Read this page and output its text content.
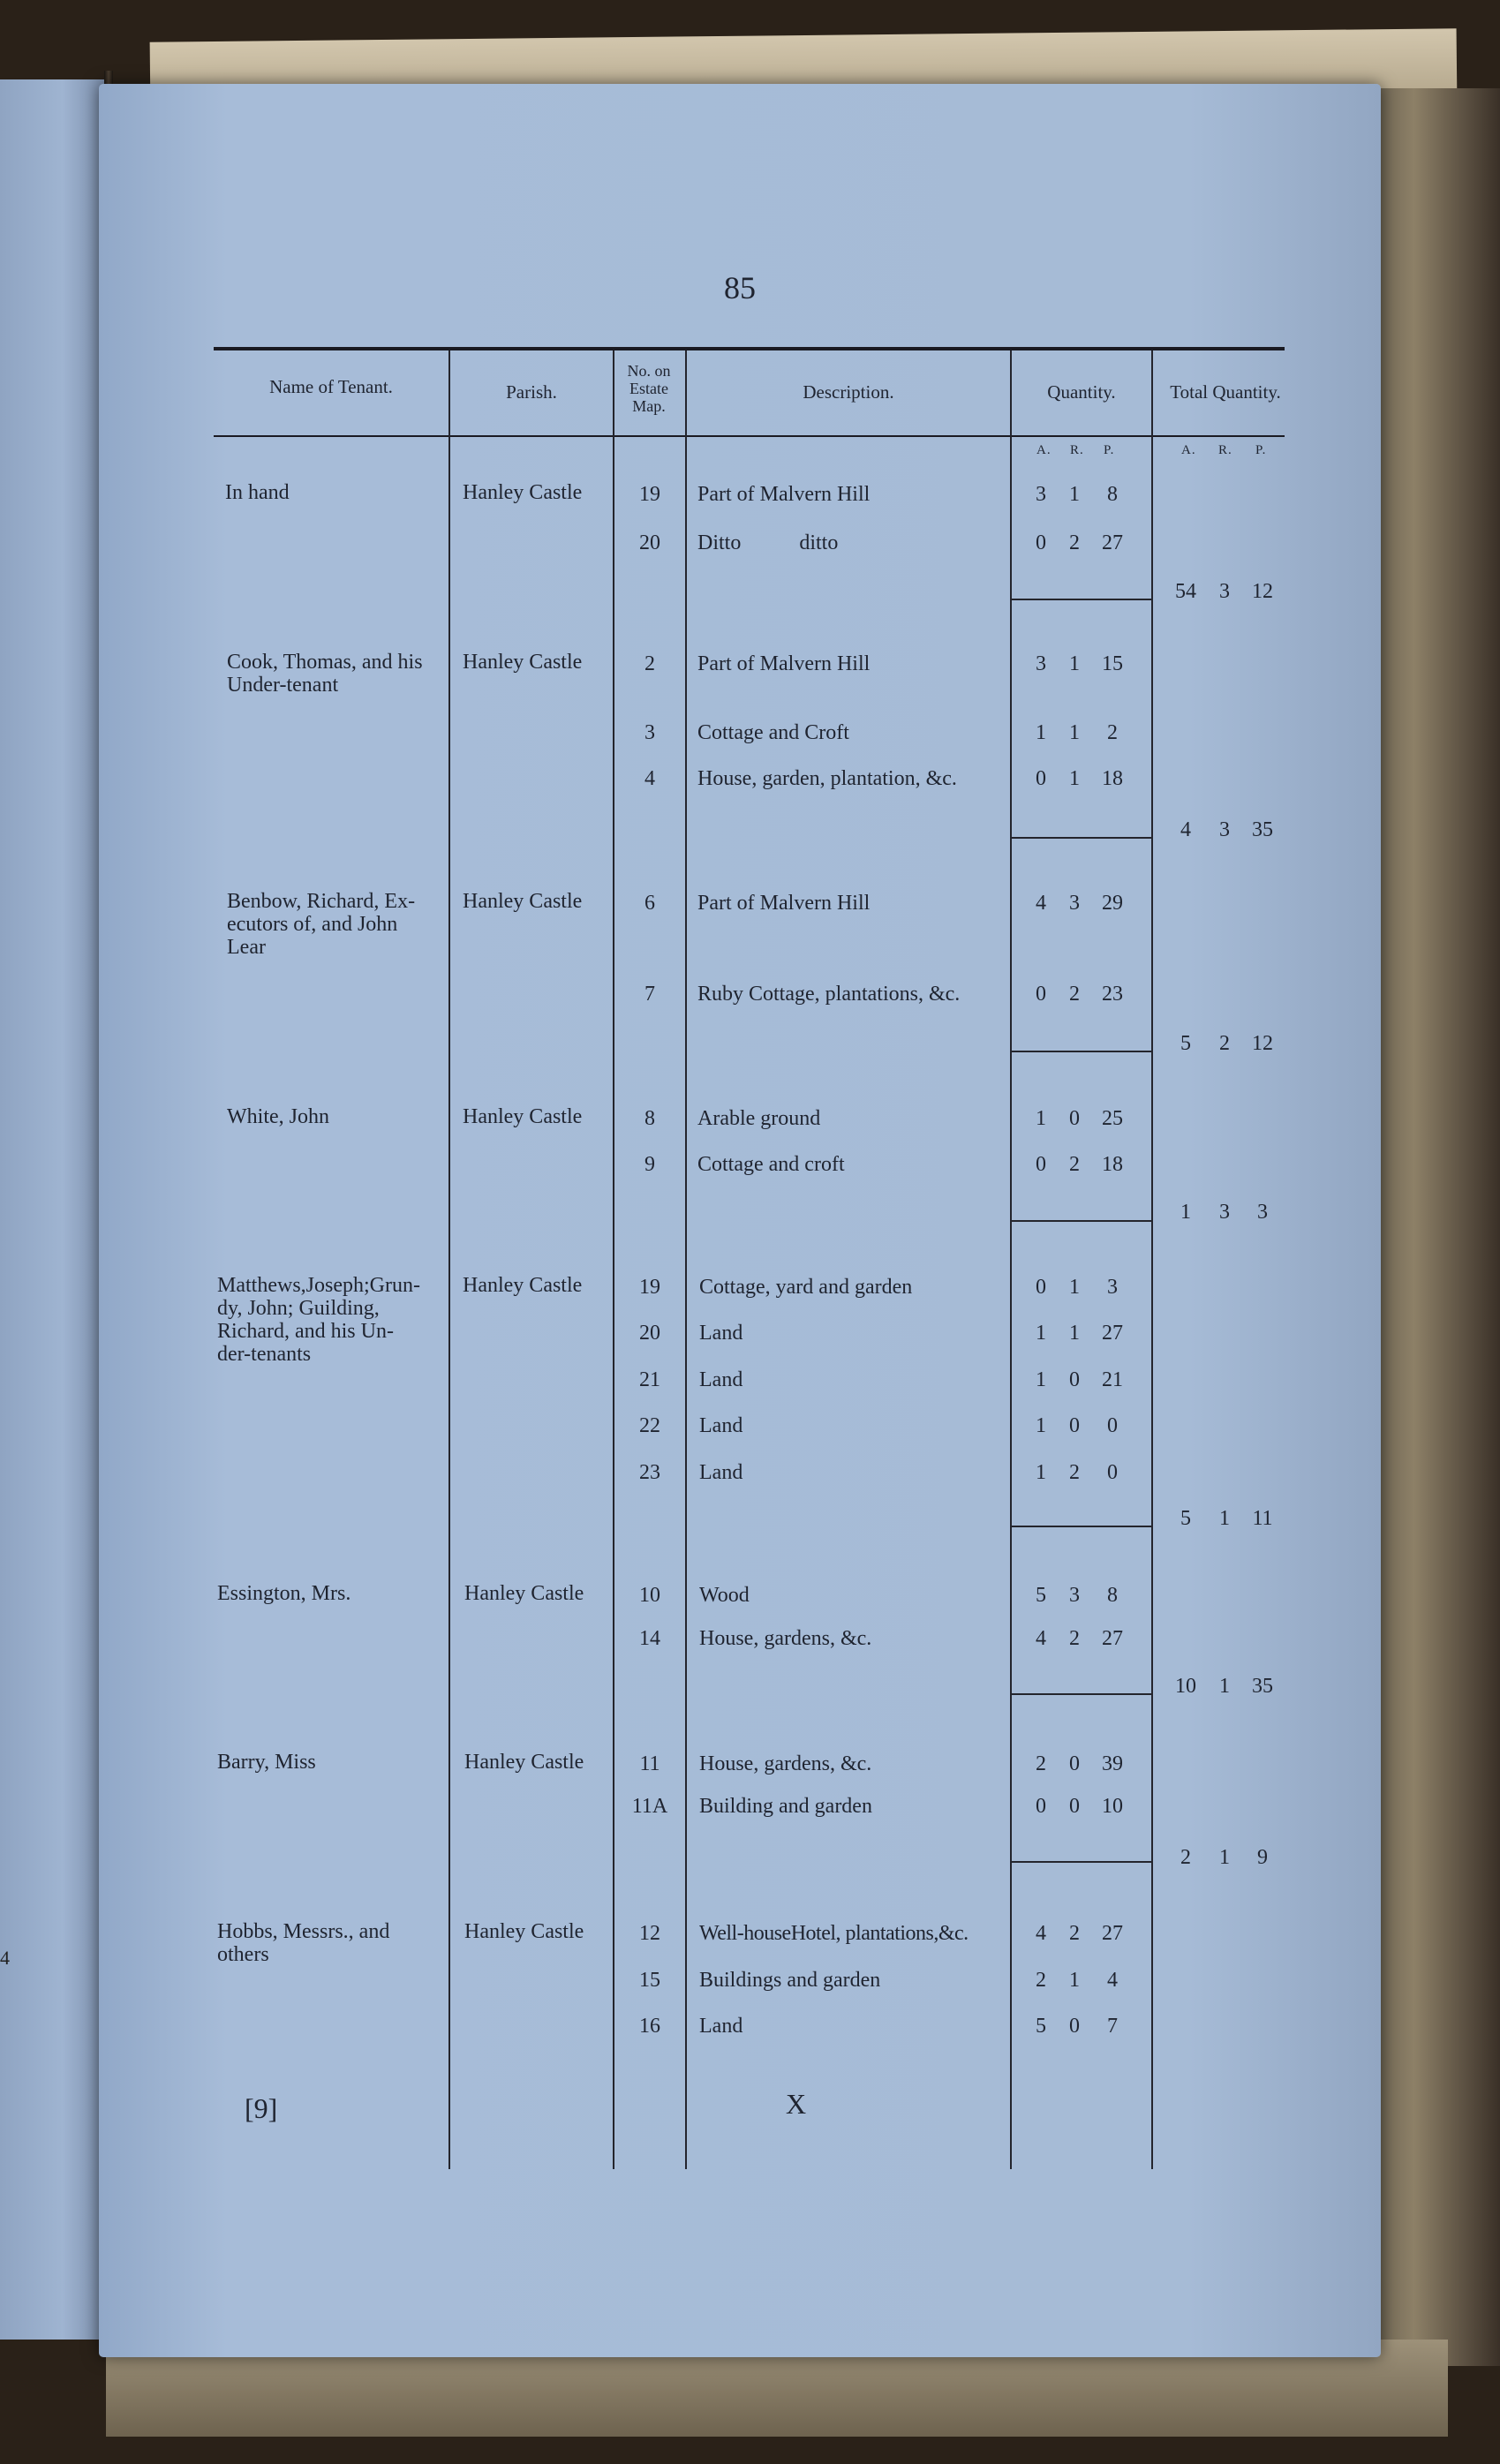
4
85
Name of Tenant.	Parish.
No. on Estate Map.
Description.	Quantity.	Total Quantity.
A. R. P.	A. R. P.
In hand	Hanley Castle	19	Part of Malvern Hill	3	1	8
20	Ditto           ditto	0	2	27
54	3	12
Cook, Thomas, and his
Under-tenant
Hanley Castle	2	Part of Malvern Hill	3	1	15
3	Cottage and Croft	1	1	2
4	House, garden, plantation, &c.	0	1	18
4	3	35
Benbow, Richard, Ex-
ecutors of, and John
Lear
Hanley Castle	6	Part of Malvern Hill	4	3	29
7	Ruby Cottage, plantations, &c.	0	2	23
5	2	12
White, John	Hanley Castle	8	Arable ground	1	0	25
9	Cottage and croft	0	2	18
1	3	3
Matthews,Joseph;Grun-
dy, John; Guilding,
Richard, and his Un-
der-tenants
Hanley Castle	19	Cottage, yard and garden	0	1	3
20	Land	1	1	27
21	Land	1	0	21
22	Land	1	0	0
23	Land	1	2	0
5	1	11
Essington, Mrs.	Hanley Castle	10	Wood	5	3	8
14	House, gardens, &c.	4	2	27
10	1	35
Barry, Miss	Hanley Castle	11	House, gardens, &c.	2	0	39
11A	Building and garden	0	0	10
2	1	9
Hobbs, Messrs., and
others
Hanley Castle	12	Well-houseHotel, plantations,&c.	4	2	27
15	Buildings and garden	2	1	4
16	Land	5	0	7
[9]	X
